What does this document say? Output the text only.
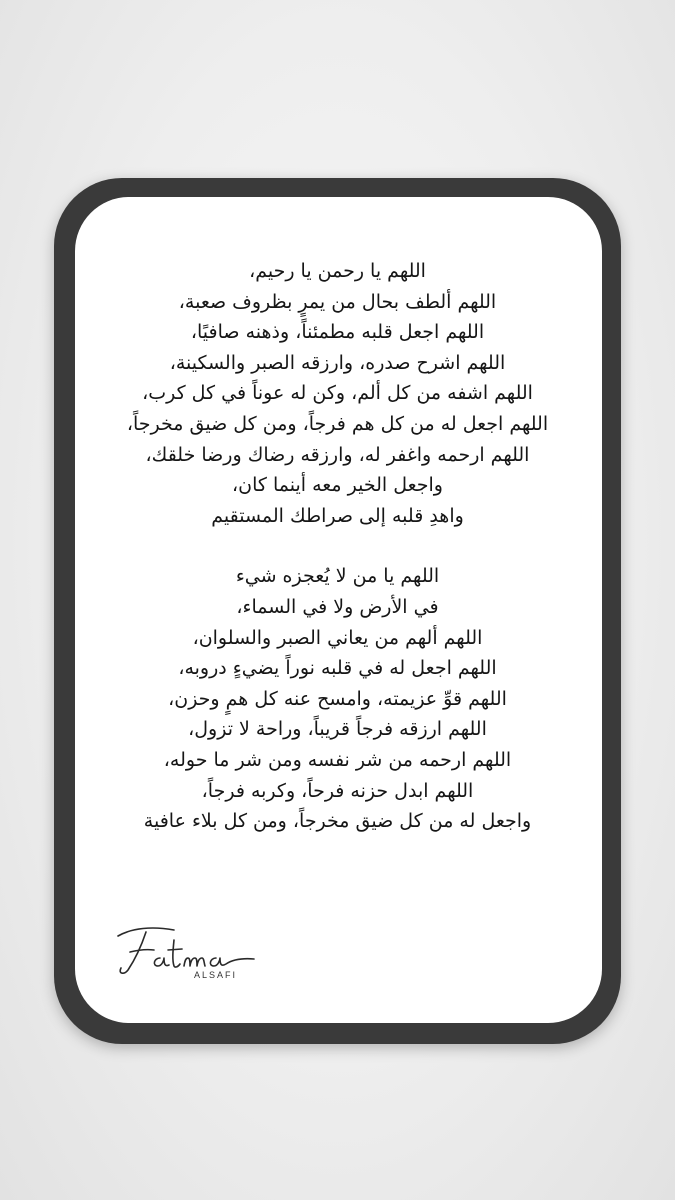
اللهم يا رحمن يا رحيم،
اللهم ألطف بحال من يمرٍ بظروف صعبة،
اللهم اجعل قلبه مطمئناً، وذهنه صافيًا،
اللهم اشرح صدره، وارزقه الصبر والسكينة،
اللهم اشفه من كل ألم، وكن له عوناً في كل كرب،
اللهم اجعل له من كل هم فرجاً، ومن كل ضيق مخرجاً،
اللهم ارحمه واغفر له، وارزقه رضاك ورضا خلقك،
واجعل الخير معه أينما كان،
واهدِ قلبه إلى صراطك المستقيم
اللهم يا من لا يُعجزه شيء
في الأرض ولا في السماء،
اللهم ألهم من يعاني الصبر والسلوان،
اللهم اجعل له في قلبه نوراً يضيءٍ دروبه،
اللهم قوِّ عزيمته، وامسح عنه كل همٍ وحزن،
اللهم ارزقه فرجاً قريباً، وراحة لا تزول،
اللهم ارحمه من شر نفسه ومن شر ما حوله،
اللهم ابدل حزنه فرحاً، وكربه فرجاً،
واجعل له من كل ضيق مخرجاً، ومن كل بلاء عافية
ALSAFI
